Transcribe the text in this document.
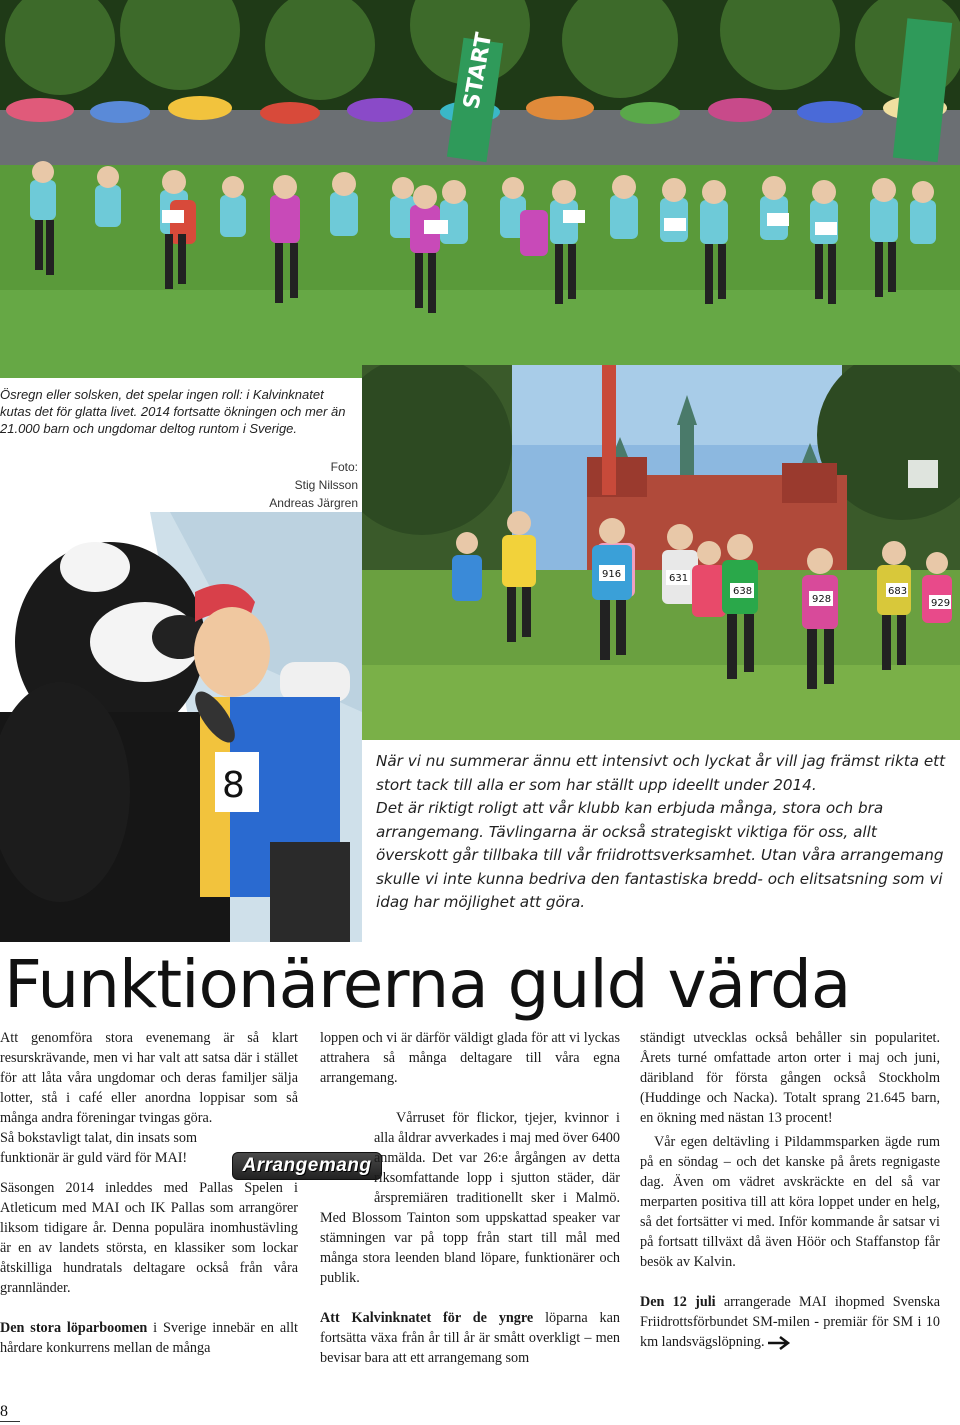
START
Ösregn eller solsken, det spelar ingen roll: i Kalvinknatet kutas det för glatta livet. 2014 fortsatte ökningen och mer än 21.000 barn och ungdomar deltog runtom i Sverige.
Foto:
Stig Nilsson
Andreas Järgren
916
638
928
683
929
631
8

När vi nu summerar ännu ett intensivt och lyckat år vill jag främst rikta ett stort tack till alla er som har ställt upp ideellt under 2014.

Det är riktigt roligt att vår klubb kan erbjuda många, stora och bra arrangemang. Tävlingarna är också strategiskt viktiga för oss, allt överskott går tillbaka till vår friidrottsverksamhet. Utan våra arrangemang skulle vi inte kunna bedriva den fantastiska bredd- och elitsatsning som vi idag har möjlighet att göra.

Funktionärerna guld värda

Att genomföra stora evenemang är så klart resurskrävande, men vi har valt att satsa där i stället för att låta våra ungdomar och deras familjer sälja lotter, stå i café eller anordna loppisar som så många andra föreningar tvingas göra.

Så bokstavligt talat, din insats som funktionär är guld värd för MAI!

Säsongen 2014 inleddes med Pallas Spelen i Atleticum med MAI och IK Pallas som arrangörer liksom tidigare år. Denna populära inomhustävling är en av landets största, en klassiker som lockar åtskilliga hundratals deltagare också från våra grannländer.

Den stora löparboomen i Sverige innebär en allt hårdare konkurrens mellan de många

Arrangemang

loppen och vi är därför väldigt glada för att vi lyckas attrahera så många deltagare till våra egna arrangemang.

Vårruset för flickor, tjejer, kvinnor i alla åldrar avverkades i maj med över 6400 anmälda. Det var 26:e årgången av detta riksomfattande lopp i sjutton städer, där årspremiären traditionellt sker i Malmö. Med Blossom Tainton som uppskattad speaker var stämningen var på topp från start till mål med många stora leenden bland löpare, funktionärer och publik.

Att Kalvinknatet för de yngre löparna kan fortsätta växa från år till år är smått overkligt – men bevisar bara att ett arrangemang som

ständigt utvecklas också behåller sin popularitet. Årets turné omfattade arton orter i maj och juni, däribland för första gången också Stockholm (Huddinge och Nacka). Totalt sprang 21.645 barn, en ökning med nästan 13 procent!

Vår egen deltävling i Pildammsparken ägde rum på en söndag – och det kanske på årets regnigaste dag. Även om vädret avskräckte en del så var merparten positiva till att köra loppet under en helg, så det fortsätter vi med. Inför kommande år satsar vi på fortsatt tillväxt då även Höör och Staffanstop får besök av Kalvin.

Den 12 juli arrangerade MAI ihopmed Svenska Friidrottsförbundet SM-milen - premiär för SM i 10 km landsvägslöpning.

8
